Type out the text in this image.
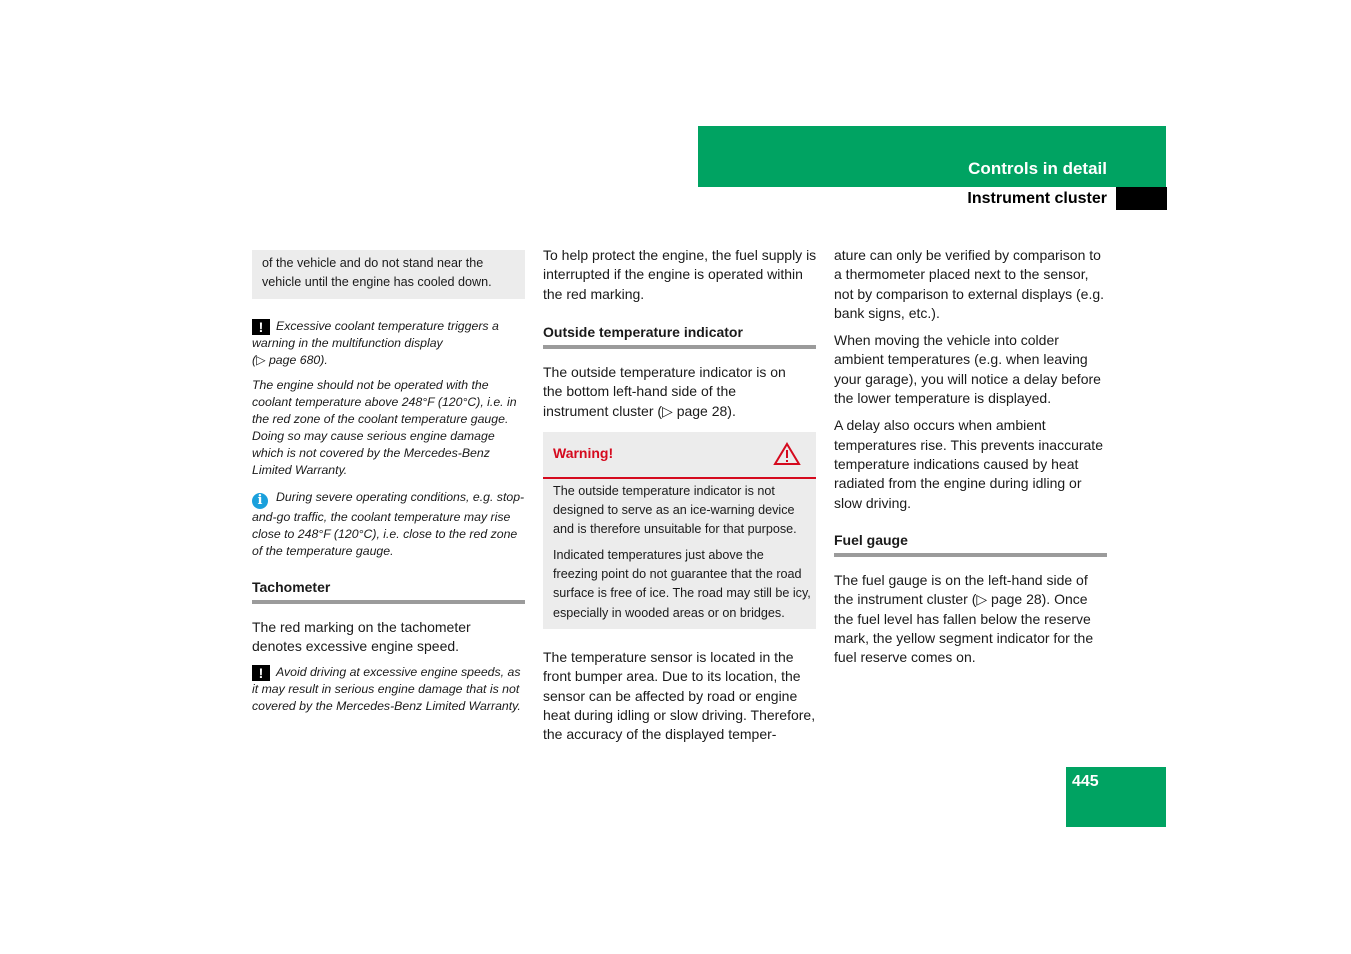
Controls in detail
Instrument cluster

of the vehicle and do not stand near the vehicle until the engine has cooled down.

! Excessive coolant temperature triggers a
warning in the multifunction display
(▷ page 680).

The engine should not be operated with the coolant temperature above 248°F (120°C), i.e. in the red zone of the coolant temperature gauge. Doing so may cause serious engine damage which is not covered by the Mercedes-Benz Limited Warranty.

i During severe operating conditions, e.g. stop-and-go traffic, the coolant temperature may rise close to 248°F (120°C), i.e. close to the red zone of the temperature gauge.

Tachometer

The red marking on the tachometer denotes excessive engine speed.

! Avoid driving at excessive engine speeds, as it may result in serious engine damage that is not covered by the Mercedes-Benz Limited Warranty.

To help protect the engine, the fuel supply is interrupted if the engine is operated within the red marking.

Outside temperature indicator

The outside temperature indicator is on the bottom left-hand side of the instrument cluster (▷ page 28).

Warning!

The outside temperature indicator is not designed to serve as an ice-warning device and is therefore unsuitable for that purpose.

Indicated temperatures just above the freezing point do not guarantee that the road surface is free of ice. The road may still be icy, especially in wooded areas or on bridges.

The temperature sensor is located in the front bumper area. Due to its location, the sensor can be affected by road or engine heat during idling or slow driving. Therefore, the accuracy of the displayed temper-

ature can only be verified by comparison to a thermometer placed next to the sensor, not by comparison to external displays (e.g. bank signs, etc.).

When moving the vehicle into colder ambient temperatures (e.g. when leaving your garage), you will notice a delay before the lower temperature is displayed.

A delay also occurs when ambient temperatures rise. This prevents inaccurate temperature indications caused by heat radiated from the engine during idling or slow driving.

Fuel gauge

The fuel gauge is on the left-hand side of the instrument cluster (▷ page 28). Once the fuel level has fallen below the reserve mark, the yellow segment indicator for the fuel reserve comes on.

445
